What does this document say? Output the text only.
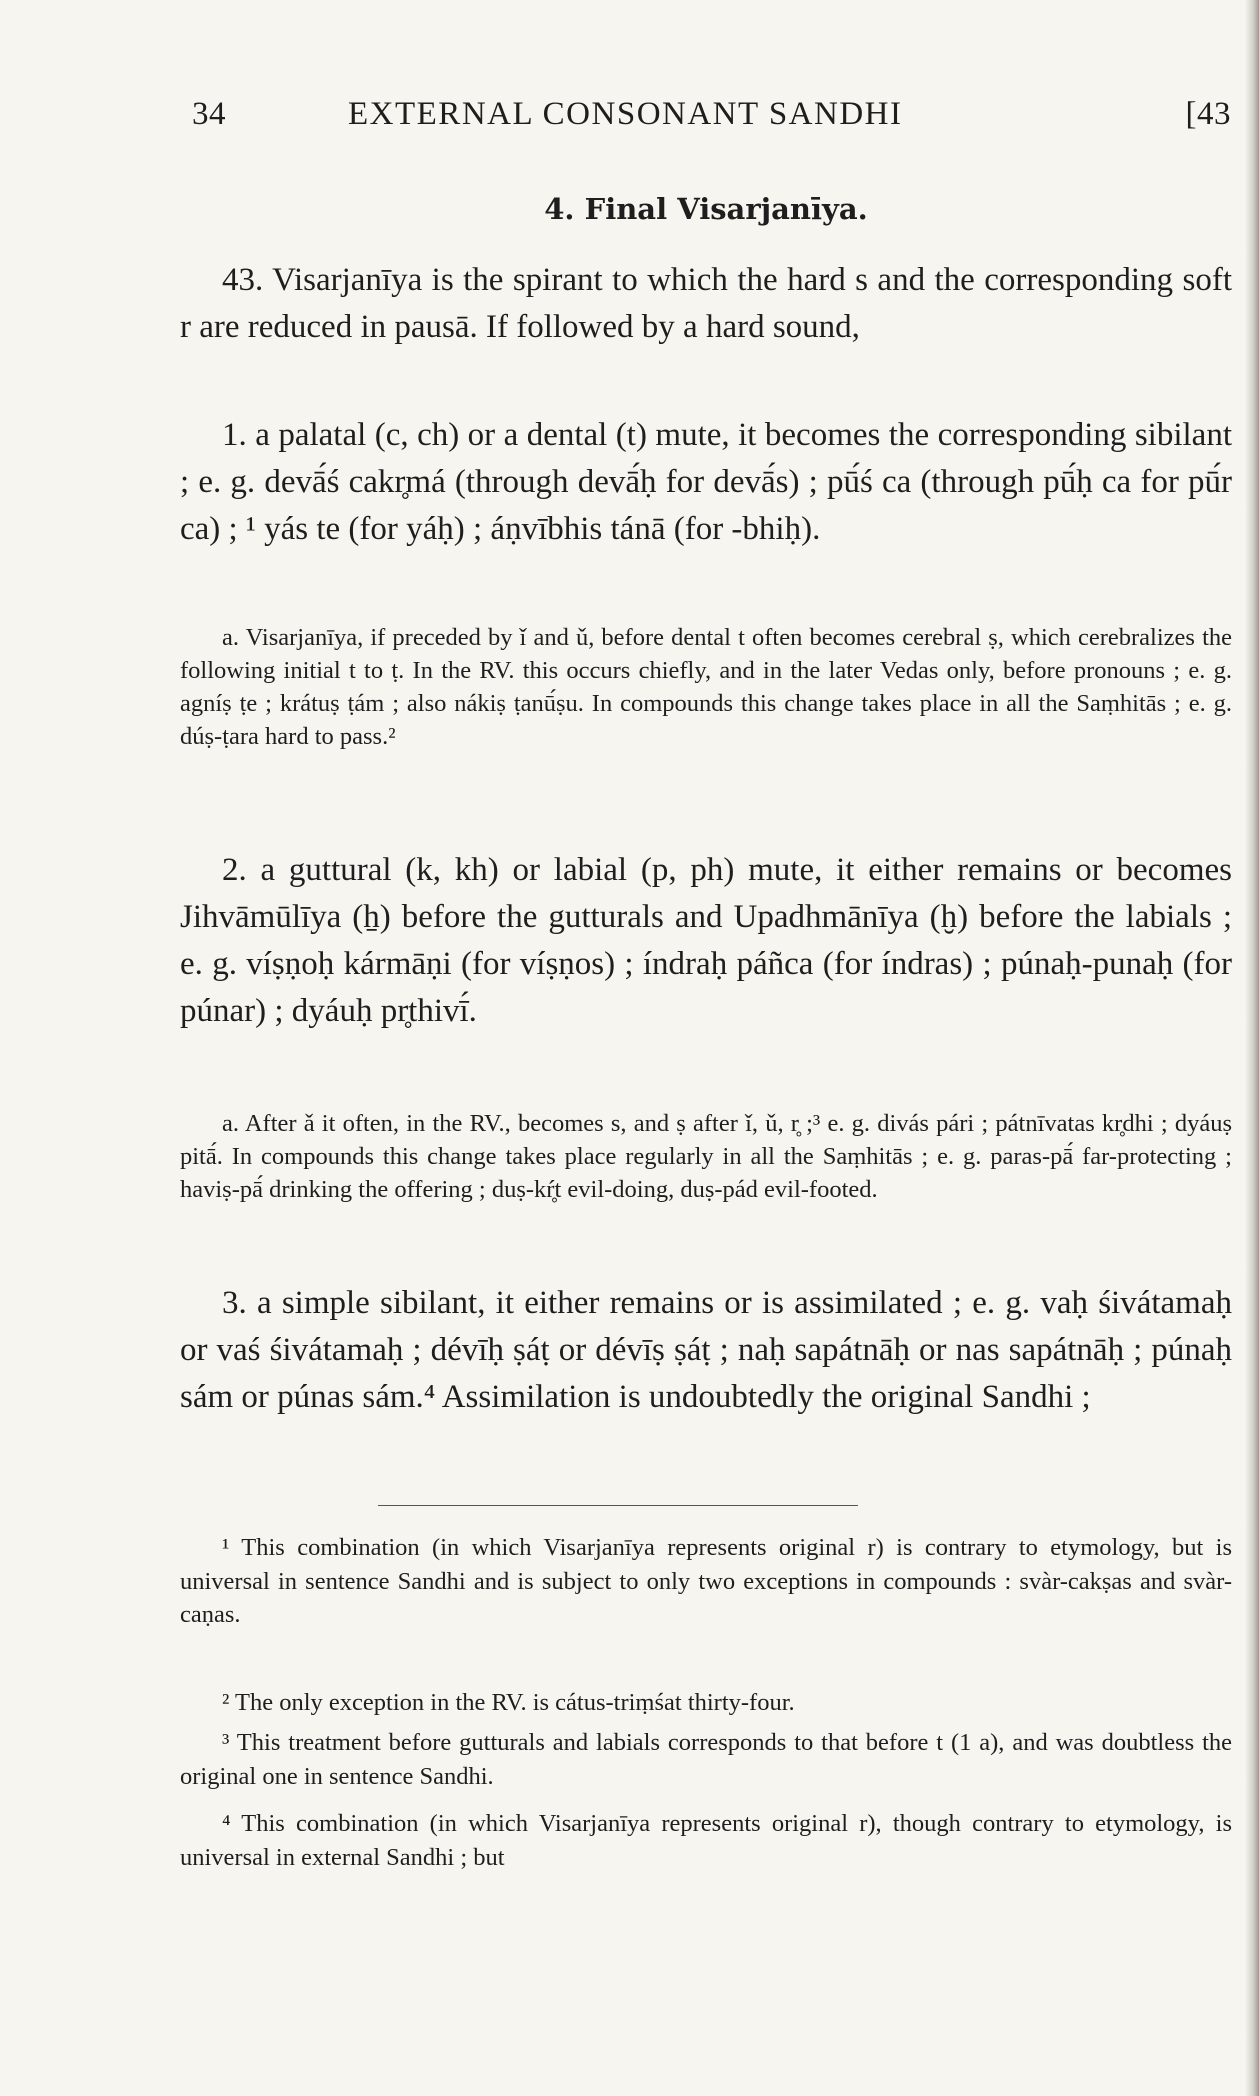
34	EXTERNAL CONSONANT SANDHI	[43
4. Final Visarjanīya.

43. Visarjanīya is the spirant to which the hard s and the corresponding soft r are reduced in pausā. If followed by a hard sound,

1. a palatal (c, ch) or a dental (t) mute, it becomes the corresponding sibilant ; e. g. devā́ś cakr̥má (through devā́ḥ for devā́s) ; pū́ś ca (through pū́ḥ ca for pū́r ca) ; ¹ yás te (for yáḥ) ; áṇvībhis tánā (for -bhiḥ).

a. Visarjanīya, if preceded by ǐ and ǔ, before dental t often becomes cerebral ṣ, which cerebralizes the following initial t to ṭ. In the RV. this occurs chiefly, and in the later Vedas only, before pronouns ; e. g. agníṣ ṭe ; krátuṣ ṭám ; also nákiṣ ṭanū́ṣu. In compounds this change takes place in all the Saṃhitās ; e. g. dúṣ-ṭara hard to pass.²

2. a guttural (k, kh) or labial (p, ph) mute, it either remains or becomes Jihvāmūlīya (ẖ) before the gutturals and Upadhmānīya (ḫ) before the labials ; e. g. víṣṇoḥ kármāṇi (for víṣṇos) ; índraḥ páñca (for índras) ; púnaḥ-punaḥ (for púnar) ; dyáuḥ pr̥thivī́.

a. After ǎ it often, in the RV., becomes s, and ṣ after ǐ, ǔ, r̥ ;³ e. g. divás pári ; pátnīvatas kr̥dhi ; dyáuṣ pitā́. In compounds this change takes place regularly in all the Saṃhitās ; e. g. paras-pā́ far-protecting ; haviṣ-pā́ drinking the offering ; duṣ-kŕ̥t evil-doing, duṣ-pád evil-footed.

3. a simple sibilant, it either remains or is assimilated ; e. g. vaḥ śivátamaḥ or vaś śivátamaḥ ; dévīḥ ṣáṭ or dévīṣ ṣáṭ ; naḥ sapátnāḥ or nas sapátnāḥ ; púnaḥ sám or púnas sám.⁴ Assimilation is undoubtedly the original Sandhi ;

¹ This combination (in which Visarjanīya represents original r) is contrary to etymology, but is universal in sentence Sandhi and is subject to only two exceptions in compounds : svàr-cakṣas and svàr-caṇas.

² The only exception in the RV. is cátus-triṃśat thirty-four.

³ This treatment before gutturals and labials corresponds to that before t (1 a), and was doubtless the original one in sentence Sandhi.

⁴ This combination (in which Visarjanīya represents original r), though contrary to etymology, is universal in external Sandhi ; but
